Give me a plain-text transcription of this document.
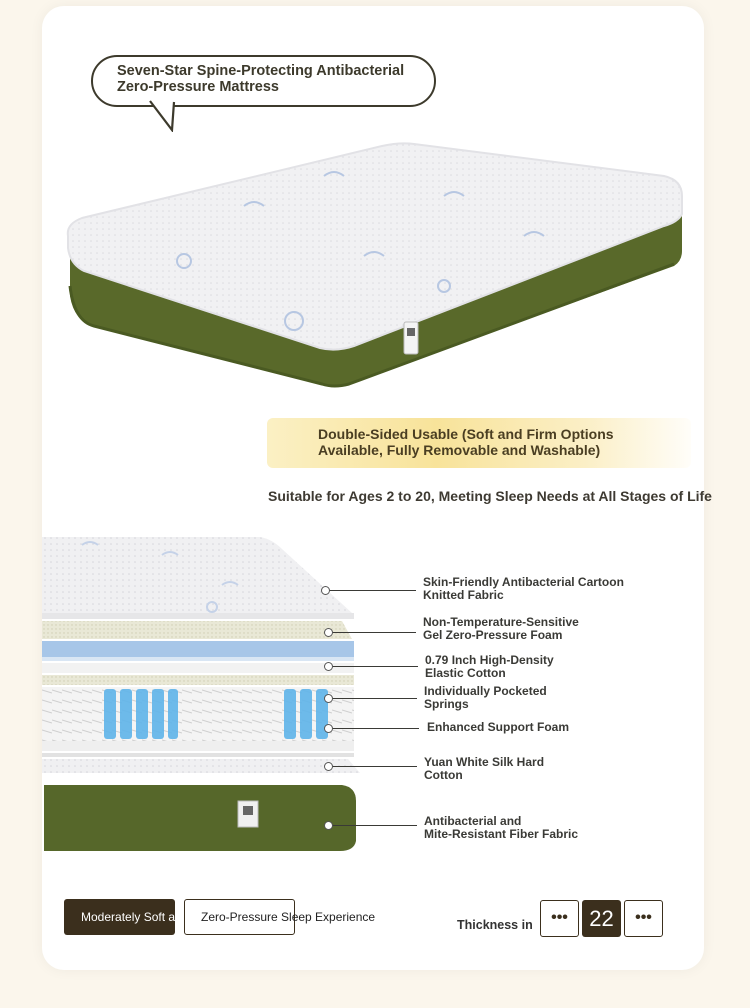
Seven-Star Spine-Protecting Antibacterial
Zero-Pressure Mattress
Double-Sided Usable (Soft and Firm Options
Available, Fully Removable and Washable)
Suitable for Ages 2 to 20, Meeting Sleep Needs at All Stages of Life
Skin-Friendly Antibacterial Cartoon
Knitted Fabric
Non-Temperature-Sensitive
Gel Zero-Pressure Foam
0.79 Inch High-Density
Elastic Cotton
Individually Pocketed
Springs
Enhanced Support Foam
Yuan White Silk Hard
Cotton
Antibacterial and
Mite-Resistant Fiber Fabric
Moderately Soft a Zero-Pressure Sleep Experience
Thickness in	••• 22	•••
